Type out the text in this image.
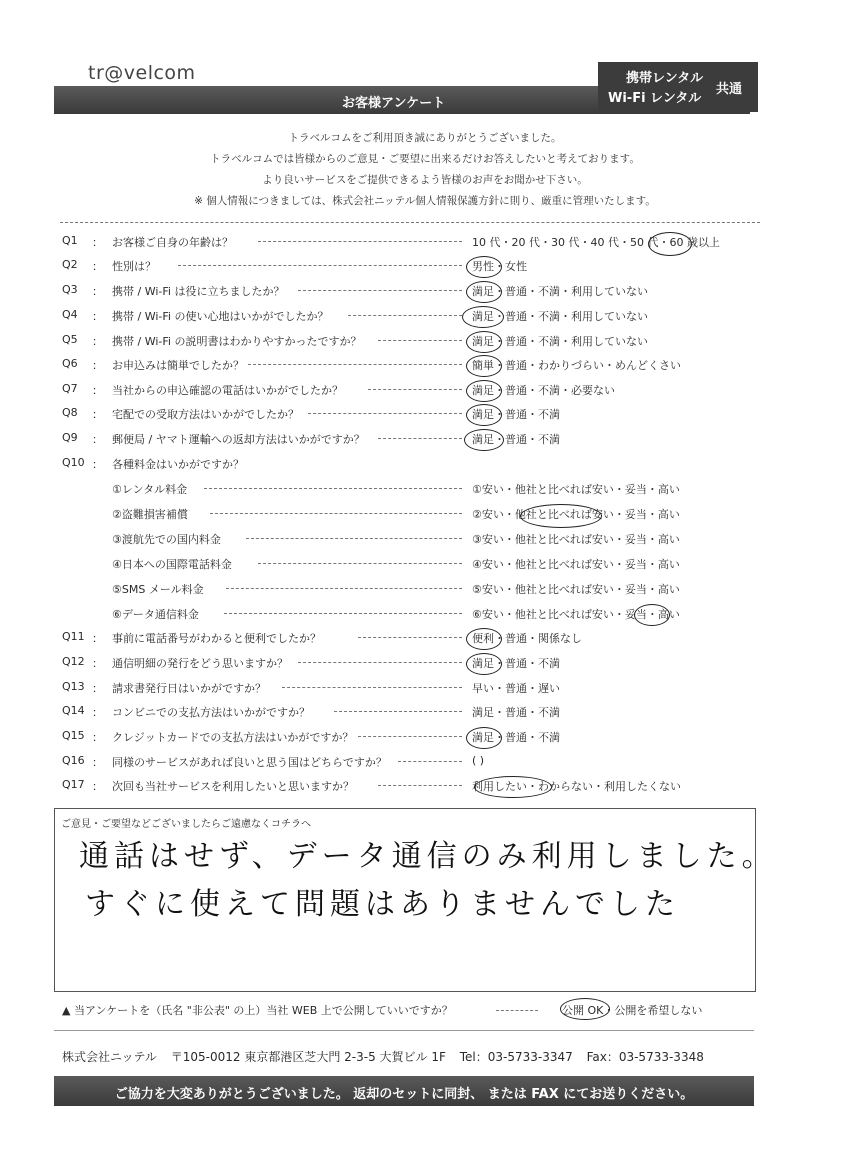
tr@velcom
お客様アンケート
携帯レンタル
Wi-Fi レンタル
共通
トラベルコムをご利用頂き誠にありがとうございました。
トラベルコムでは皆様からのご意見・ご要望に出来るだけお答えしたいと考えております。
より良いサービスをご提供できるよう皆様のお声をお聞かせ下さい。
※ 個人情報につきましては、株式会社ニッテル個人情報保護方針に則り、厳重に管理いたします。
Q1 ： お客様ご自身の年齢は？	10 代・20 代・30 代・40 代・50 代・60 歳以上
Q2 ： 性別は？	男性・女性
Q3 ： 携帯 / Wi-Fi は役に立ちましたか？	満足・普通・不満・利用していない
Q4 ： 携帯 / Wi-Fi の使い心地はいかがでしたか？	満足・普通・不満・利用していない
Q5 ： 携帯 / Wi-Fi の説明書はわかりやすかったですか？	満足・普通・不満・利用していない
Q6 ： お申込みは簡単でしたか？	簡単・普通・わかりづらい・めんどくさい
Q7 ： 当社からの申込確認の電話はいかがでしたか？	満足・普通・不満・必要ない
Q8 ： 宅配での受取方法はいかがでしたか？	満足・普通・不満
Q9 ： 郵便局 / ヤマト運輸への返却方法はいかがですか？	満足・普通・不満
Q10 ： 各種料金はいかがですか？
①レンタル料金	①安い・他社と比べれば安い・妥当・高い
②盗難損害補償	②安い・他社と比べれば安い・妥当・高い
③渡航先での国内料金	③安い・他社と比べれば安い・妥当・高い
④日本への国際電話料金	④安い・他社と比べれば安い・妥当・高い
⑤SMS メール料金	⑤安い・他社と比べれば安い・妥当・高い
⑥データ通信料金	⑥安い・他社と比べれば安い・妥当・高い
Q11 ： 事前に電話番号がわかると便利でしたか？	便利・普通・関係なし
Q12 ： 通信明細の発行をどう思いますか？	満足・普通・不満
Q13 ： 請求書発行日はいかがですか？	早い・普通・遅い
Q14 ： コンビニでの支払方法はいかがですか？	満足・普通・不満
Q15 ： クレジットカードでの支払方法はいかがですか？	満足・普通・不満
Q16 ： 同様のサービスがあれば良いと思う国はどちらですか？	( )
Q17 ： 次回も当社サービスを利用したいと思いますか？	利用したい・わからない・利用したくない
ご意見・ご要望などございましたらご遠慮なくコチラへ
通話はせず、データ通信のみ利用しました。
すぐに使えて問題はありませんでした
▲ 当アンケートを（氏名 "非公表" の上）当社 WEB 上で公開していいですか？	公開 OK・公開を希望しない
株式会社ニッテル 〒105-0012 東京都港区芝大門 2-3-5 大賀ビル 1F Tel：03-5733-3347 Fax：03-5733-3348
ご協力を大変ありがとうございました。 返却のセットに同封、 または FAX にてお送りください。
